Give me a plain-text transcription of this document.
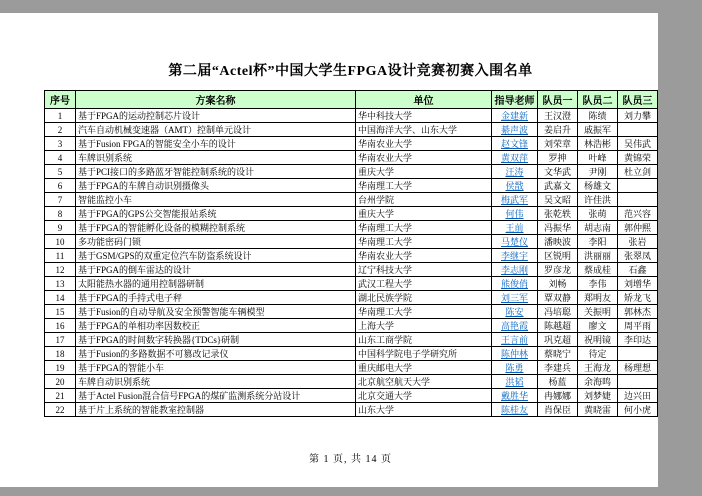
第二届“Actel杯”中国大学生FPGA设计竞赛初赛入围名单
序号	方案名称	单位	指导老师	队员一	队员二	队员三
1	基于FPGA的运动控制芯片设计	华中科技大学	金建新	王汉澄	陈绩	刘力攀
2	汽车自动机械变速器（AMT）控制单元设计	中国海洋大学、山东大学	綦声波	姜启升	戚振军	
3	基于Fusion FPGA的智能安全小车的设计	华南农业大学	赵文锋	刘荣章	林浩彬	吴伟武
4	车牌识别系统	华南农业大学	黄双萍	罗抻	叶峰	黄锦荣
5	基于PCI接口的多路蓝牙智能控制系统的设计	重庆大学	汪涛	文华武	尹刚	杜立剑
6	基于FPGA的车牌自动识别摄像头	华南理工大学	侯戬	武嘉文	杨雄文	
7	智能监控小车	台州学院	梅武军	吴文昭	许佳洪	
8	基于FPGA的GPS公交智能报站系统	重庆大学	何伟	张乾轶	张萌	范兴容
9	基于FPGA的智能孵化设备的模糊控制系统	华南理工大学	王前	冯振华	胡志南	郭仲熙
10	多功能密码门锁	华南理工大学	马楚仪	潘映波	李阳	张岩
11	基于GSM/GPS的双重定位汽车防盗系统设计	华南农业大学	李继宇	区锐明	洪丽丽	张翠凤
12	基于FPGA的倒车雷达的设计	辽宁科技大学	李志刚	罗彦龙	蔡成桂	石鑫
13	太阳能热水器的通用控制器研制	武汉工程大学	熊俊俏	刘畅	李伟	刘增华
14	基于FPGA的手持式电子秤	湖北民族学院	刘三军	覃双静	郑明友	矫龙飞
15	基于Fusion的自动导航及安全预警智能车辆模型	华南理工大学	陈安	冯培聪	关振明	郭林杰
16	基于FPGA的单相功率因数校正	上海大学	高艳霞	陈越超	廖文	周平雨
17	基于FPGA的时间数字转换器{TDCs}研制	山东工商学院	王言前	巩克超	祝明镜	李印达
18	基于Fusion的多路数据不可篡改记录仪	中国科学院电子学研究所	陈仲林	蔡晓宁	待定	
19	基于FPGA的智能小车	重庆邮电大学	陈勇	李建兵	王海龙	杨理想
20	车牌自动识别系统	北京航空航天大学	洪韬	杨蓝	余海鸣	
21	基于Actel Fusion混合信号FPGA的煤矿监测系统分站设计	北京交通大学	戴胜华	冉娜娜	刘梦婕	边兴田
22	基于片上系统的智能教室控制器	山东大学	陈桂友	肖保臣	黄晓雷	何小虎
第 1 页, 共 14 页
